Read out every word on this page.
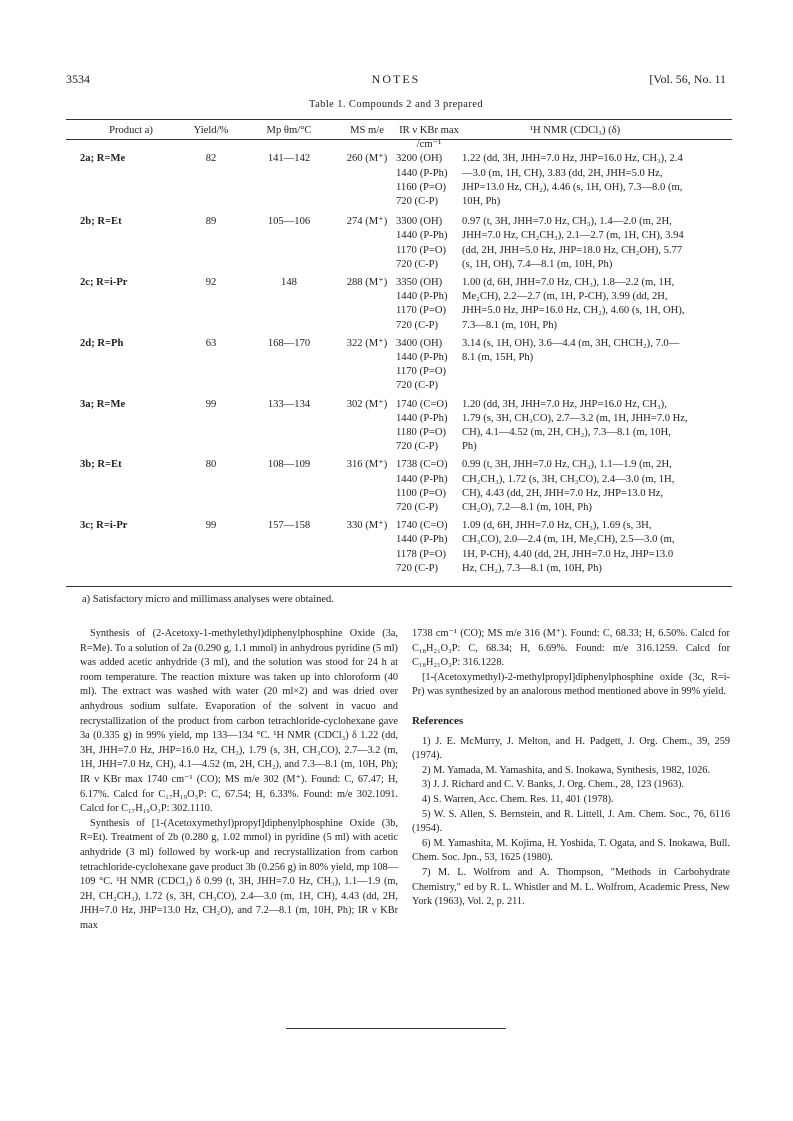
3534	NOTES	[Vol. 56, No. 11
Table 1. Compounds 2 and 3 prepared
Product a)	Yield/%	Mp θm/°C	MS m/e	IR ν KBr max /cm⁻¹	¹H NMR (CDCl₃) (δ)
2a; R=Me	82	141—142	260 (M⁺)	3200 (OH)
1440 (P-Ph)
1160 (P=O)
720 (C-P)	1.22 (dd, 3H, JHH=7.0 Hz, JHP=16.0 Hz, CH₃), 2.4—3.0 (m, 1H, CH), 3.83 (dd, 2H, JHH=5.0 Hz, JHP=13.0 Hz, CH₂), 4.46 (s, 1H, OH), 7.3—8.0 (m, 10H, Ph)

2b; R=Et	89	105—106	274 (M⁺)	3300 (OH)
1440 (P-Ph)
1170 (P=O)
720 (C-P)	0.97 (t, 3H, JHH=7.0 Hz, CH₃), 1.4—2.0 (m, 2H, JHH=7.0 Hz, CH₂CH₃), 2.1—2.7 (m, 1H, CH), 3.94 (dd, 2H, JHH=5.0 Hz, JHP=18.0 Hz, CH₂OH), 5.77 (s, 1H, OH), 7.4—8.1 (m, 10H, Ph)

2c; R=i-Pr	92	148	288 (M⁺)	3350 (OH)
1440 (P-Ph)
1170 (P=O)
720 (C-P)	1.00 (d, 6H, JHH=7.0 Hz, CH₃), 1.8—2.2 (m, 1H, Me₂CH), 2.2—2.7 (m, 1H, P-CH), 3.99 (dd, 2H, JHH=5.0 Hz, JHP=16.0 Hz, CH₂), 4.60 (s, 1H, OH), 7.3—8.1 (m, 10H, Ph)

2d; R=Ph	63	168—170	322 (M⁺)	3400 (OH)
1440 (P-Ph)
1170 (P=O)
720 (C-P)	3.14 (s, 1H, OH), 3.6—4.4 (m, 3H, CHCH₂), 7.0—8.1 (m, 15H, Ph)

3a; R=Me	99	133—134	302 (M⁺)	1740 (C=O)
1440 (P-Ph)
1180 (P=O)
720 (C-P)	1.20 (dd, 3H, JHH=7.0 Hz, JHP=16.0 Hz, CH₃), 1.79 (s, 3H, CH₃CO), 2.7—3.2 (m, 1H, JHH=7.0 Hz, CH), 4.1—4.52 (m, 2H, CH₂), 7.3—8.1 (m, 10H, Ph)

3b; R=Et	80	108—109	316 (M⁺)	1738 (C=O)
1440 (P-Ph)
1100 (P=O)
720 (C-P)	0.99 (t, 3H, JHH=7.0 Hz, CH₃), 1.1—1.9 (m, 2H, CH₂CH₃), 1.72 (s, 3H, CH₃CO), 2.4—3.0 (m, 1H, CH), 4.43 (dd, 2H, JHH=7.0 Hz, JHP=13.0 Hz, CH₂O), 7.2—8.1 (m, 10H, Ph)

3c; R=i-Pr	99	157—158	330 (M⁺)	1740 (C=O)
1440 (P-Ph)
1178 (P=O)
720 (C-P)	1.09 (d, 6H, JHH=7.0 Hz, CH₃), 1.69 (s, 3H, CH₃CO), 2.0—2.4 (m, 1H, Me₂CH), 2.5—3.0 (m, 1H, P-CH), 4.40 (dd, 2H, JHH=7.0 Hz, JHP=13.0 Hz, CH₂), 7.3—8.1 (m, 10H, Ph)
a) Satisfactory micro and millimass analyses were obtained.

Synthesis of (2-Acetoxy-1-methylethyl)diphenylphosphine Oxide (3a, R=Me). To a solution of 2a (0.290 g, 1.1 mmol) in anhydrous pyridine (5 ml) was added acetic anhydride (3 ml), and the solution was stood for 24 h at room temperature. The reaction mixture was taken up into chloroform (40 ml). The extract was washed with water (20 ml×2) and was dried over anhydrous sodium sulfate. Evaporation of the solvent in vacuo and recrystallization of the product from carbon tetrachloride-cyclohexane gave 3a (0.335 g) in 99% yield, mp 133—134 °C. ¹H NMR (CDCl₃) δ 1.22 (dd, 3H, JHH=7.0 Hz, JHP=16.0 Hz, CH₃), 1.79 (s, 3H, CH₃CO), 2.7—3.2 (m, 1H, JHH=7.0 Hz, CH), 4.1—4.52 (m, 2H, CH₂), and 7.3—8.1 (m, 10H, Ph); IR ν KBr max 1740 cm⁻¹ (CO); MS m/e 302 (M⁺). Found: C, 67.47; H, 6.17%. Calcd for C₁₇H₁₉O₃P: C, 67.54; H, 6.33%. Found: m/e 302.1091. Calcd for C₁₇H₁₉O₃P: 302.1110.

Synthesis of [1-(Acetoxymethyl)propyl]diphenylphosphine Oxide (3b, R=Et). Treatment of 2b (0.280 g, 1.02 mmol) in pyridine (5 ml) with acetic anhydride (3 ml) followed by work-up and recrystallization from carbon tetrachloride-cyclohexane gave product 3b (0.256 g) in 80% yield, mp 108—109 °C. ¹H NMR (CDCl₃) δ 0.99 (t, 3H, JHH=7.0 Hz, CH₃), 1.1—1.9 (m, 2H, CH₂CH₃), 1.72 (s, 3H, CH₃CO), 2.4—3.0 (m, 1H, CH), 4.43 (dd, 2H, JHH=7.0 Hz, JHP=13.0 Hz, CH₂O), and 7.2—8.1 (m, 10H, Ph); IR ν KBr max

1738 cm⁻¹ (CO); MS m/e 316 (M⁺). Found: C, 68.33; H, 6.50%. Calcd for C₁₈H₂₁O₃P: C, 68.34; H, 6.69%. Found: m/e 316.1259. Calcd for C₁₈H₂₁O₃P: 316.1228.

[1-(Acetoxymethyl)-2-methylpropyl]diphenylphosphine oxide (3c, R=i-Pr) was synthesized by an analorous method mentioned above in 99% yield.

References

1) J. E. McMurry, J. Melton, and H. Padgett, J. Org. Chem., 39, 259 (1974).

2) M. Yamada, M. Yamashita, and S. Inokawa, Synthesis, 1982, 1026.

3) J. J. Richard and C. V. Banks, J. Org. Chem., 28, 123 (1963).

4) S. Warren, Acc. Chem. Res. 11, 401 (1978).

5) W. S. Allen, S. Bernstein, and R. Littell, J. Am. Chem. Soc., 76, 6116 (1954).

6) M. Yamashita, M. Kojima, H. Yoshida, T. Ogata, and S. Inokawa, Bull. Chem. Soc. Jpn., 53, 1625 (1980).

7) M. L. Wolfrom and A. Thompson, "Methods in Carbohydrate Chemistry," ed by R. L. Whistler and M. L. Wolfrom, Academic Press, New York (1963), Vol. 2, p. 211.
